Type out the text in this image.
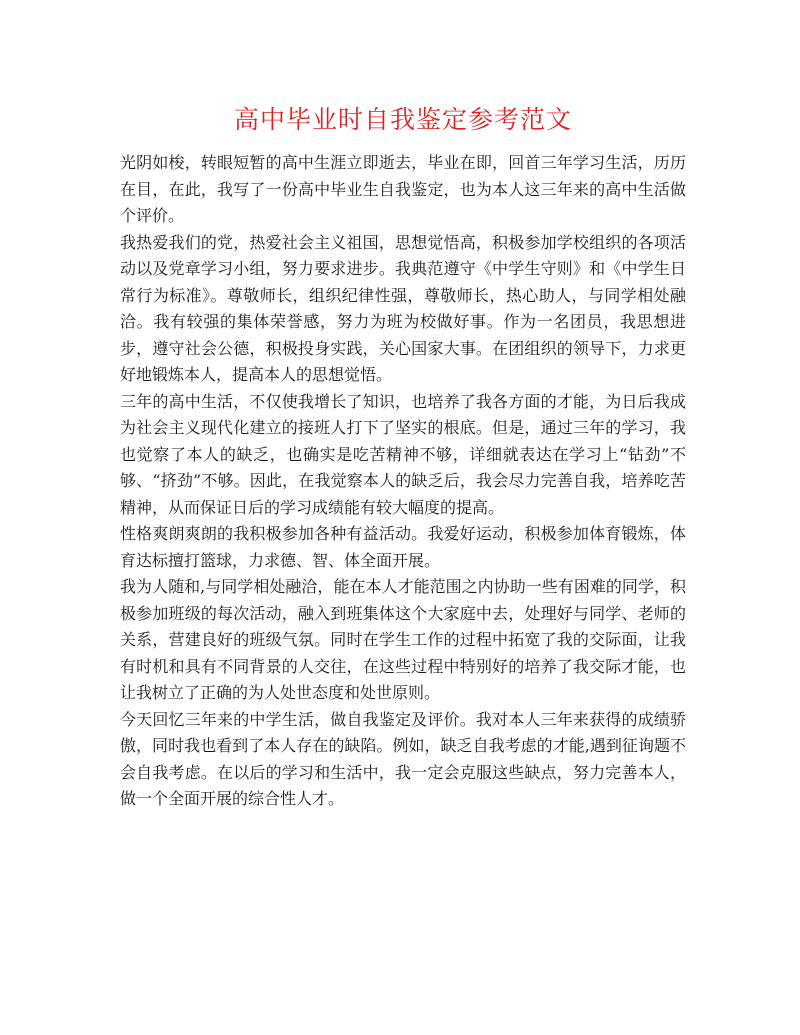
高中毕业时自我鉴定参考范文

光阴如梭，转眼短暂的高中生涯立即逝去，毕业在即，回首三年学习生活，历历在目，在此，我写了一份高中毕业生自我鉴定，也为本人这三年来的高中生活做个评价。

我热爱我们的党，热爱社会主义祖国，思想觉悟高，积极参加学校组织的各项活动以及党章学习小组，努力要求进步。我典范遵守《中学生守则》和《中学生日常行为标准》。尊敬师长，组织纪律性强，尊敬师长，热心助人，与同学相处融洽。我有较强的集体荣誉感，努力为班为校做好事。作为一名团员，我思想进步，遵守社会公德，积极投身实践，关心国家大事。在团组织的领导下，力求更好地锻炼本人，提高本人的思想觉悟。

三年的高中生活，不仅使我增长了知识，也培养了我各方面的才能，为日后我成为社会主义现代化建立的接班人打下了坚实的根底。但是，通过三年的学习，我也觉察了本人的缺乏，也确实是吃苦精神不够，详细就表达在学习上“钻劲”不够、“挤劲”不够。因此，在我觉察本人的缺乏后，我会尽力完善自我，培养吃苦精神，从而保证日后的学习成绩能有较大幅度的提高。

性格爽朗爽朗的我积极参加各种有益活动。我爱好运动，积极参加体育锻炼，体育达标擅打篮球，力求德、智、体全面开展。

我为人随和,与同学相处融洽，能在本人才能范围之内协助一些有困难的同学，积极参加班级的每次活动，融入到班集体这个大家庭中去，处理好与同学、老师的关系，营建良好的班级气氛。同时在学生工作的过程中拓宽了我的交际面，让我有时机和具有不同背景的人交往，在这些过程中特别好的培养了我交际才能，也让我树立了正确的为人处世态度和处世原则。

今天回忆三年来的中学生活，做自我鉴定及评价。我对本人三年来获得的成绩骄傲，同时我也看到了本人存在的缺陷。例如，缺乏自我考虑的才能,遇到征询题不会自我考虑。在以后的学习和生活中，我一定会克服这些缺点，努力完善本人，做一个全面开展的综合性人才。
